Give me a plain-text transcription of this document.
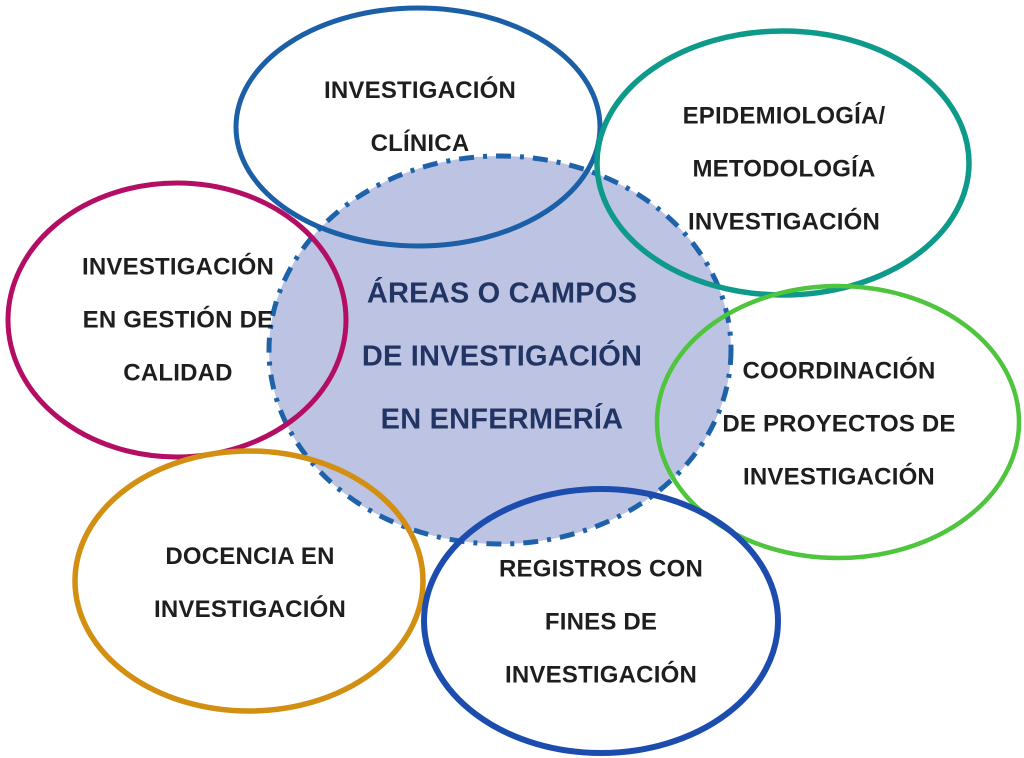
ÁREAS O CAMPOS
DE INVESTIGACIÓN
EN ENFERMERÍA
INVESTIGACIÓN
CLÍNICA
EPIDEMIOLOGÍA/
METODOLOGÍA
INVESTIGACIÓN
COORDINACIÓN
DE PROYECTOS DE
INVESTIGACIÓN
INVESTIGACIÓN
EN GESTIÓN DE
CALIDAD
DOCENCIA EN
INVESTIGACIÓN
REGISTROS CON
FINES DE
INVESTIGACIÓN
